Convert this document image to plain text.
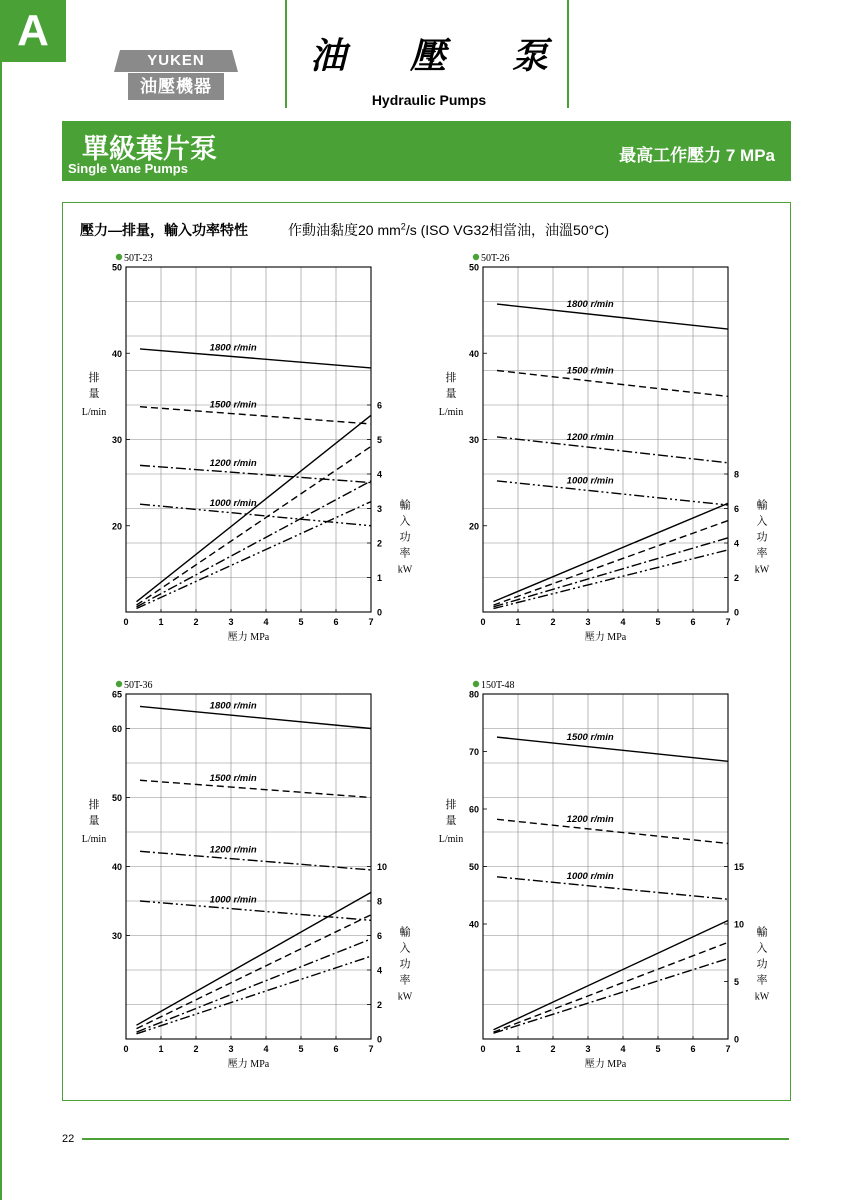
A
YUKEN
油壓機器
油 壓 泵
Hydraulic Pumps
單級葉片泵
Single Vane Pumps
最高工作壓力 7 MPa
壓力—排量，輸入功率特性	作動油黏度20 $mm^2/s$ (ISO VG32相當油，油溫50°C)
50T-23
0	1	2	3	4	5	6	7
壓力 MPa
20
30
40
50
排
量
L/min
0
1
2
3
4
5
6
輸
入
功
率
kW
1800 r/min
1500 r/min
1200 r/min
1000 r/min
50T-26
0	1	2	3	4	5	6	7
壓力 MPa
20
30
40
50
排
量
L/min
0
2
4
6
8
輸
入
功
率
kW
1800 r/min
1500 r/min
1200 r/min
1000 r/min
50T-36
0	1	2	3	4	5	6	7
壓力 MPa
30
40
50
60
65
排
量
L/min
0
2
4
6
8
10
輸
入
功
率
kW
1800 r/min
1500 r/min
1200 r/min
1000 r/min
150T-48
0	1	2	3	4	5	6	7
壓力 MPa
40
50
60
70
80
排
量
L/min
0
5
10
15
輸
入
功
率
kW
1500 r/min
1200 r/min
1000 r/min
22
